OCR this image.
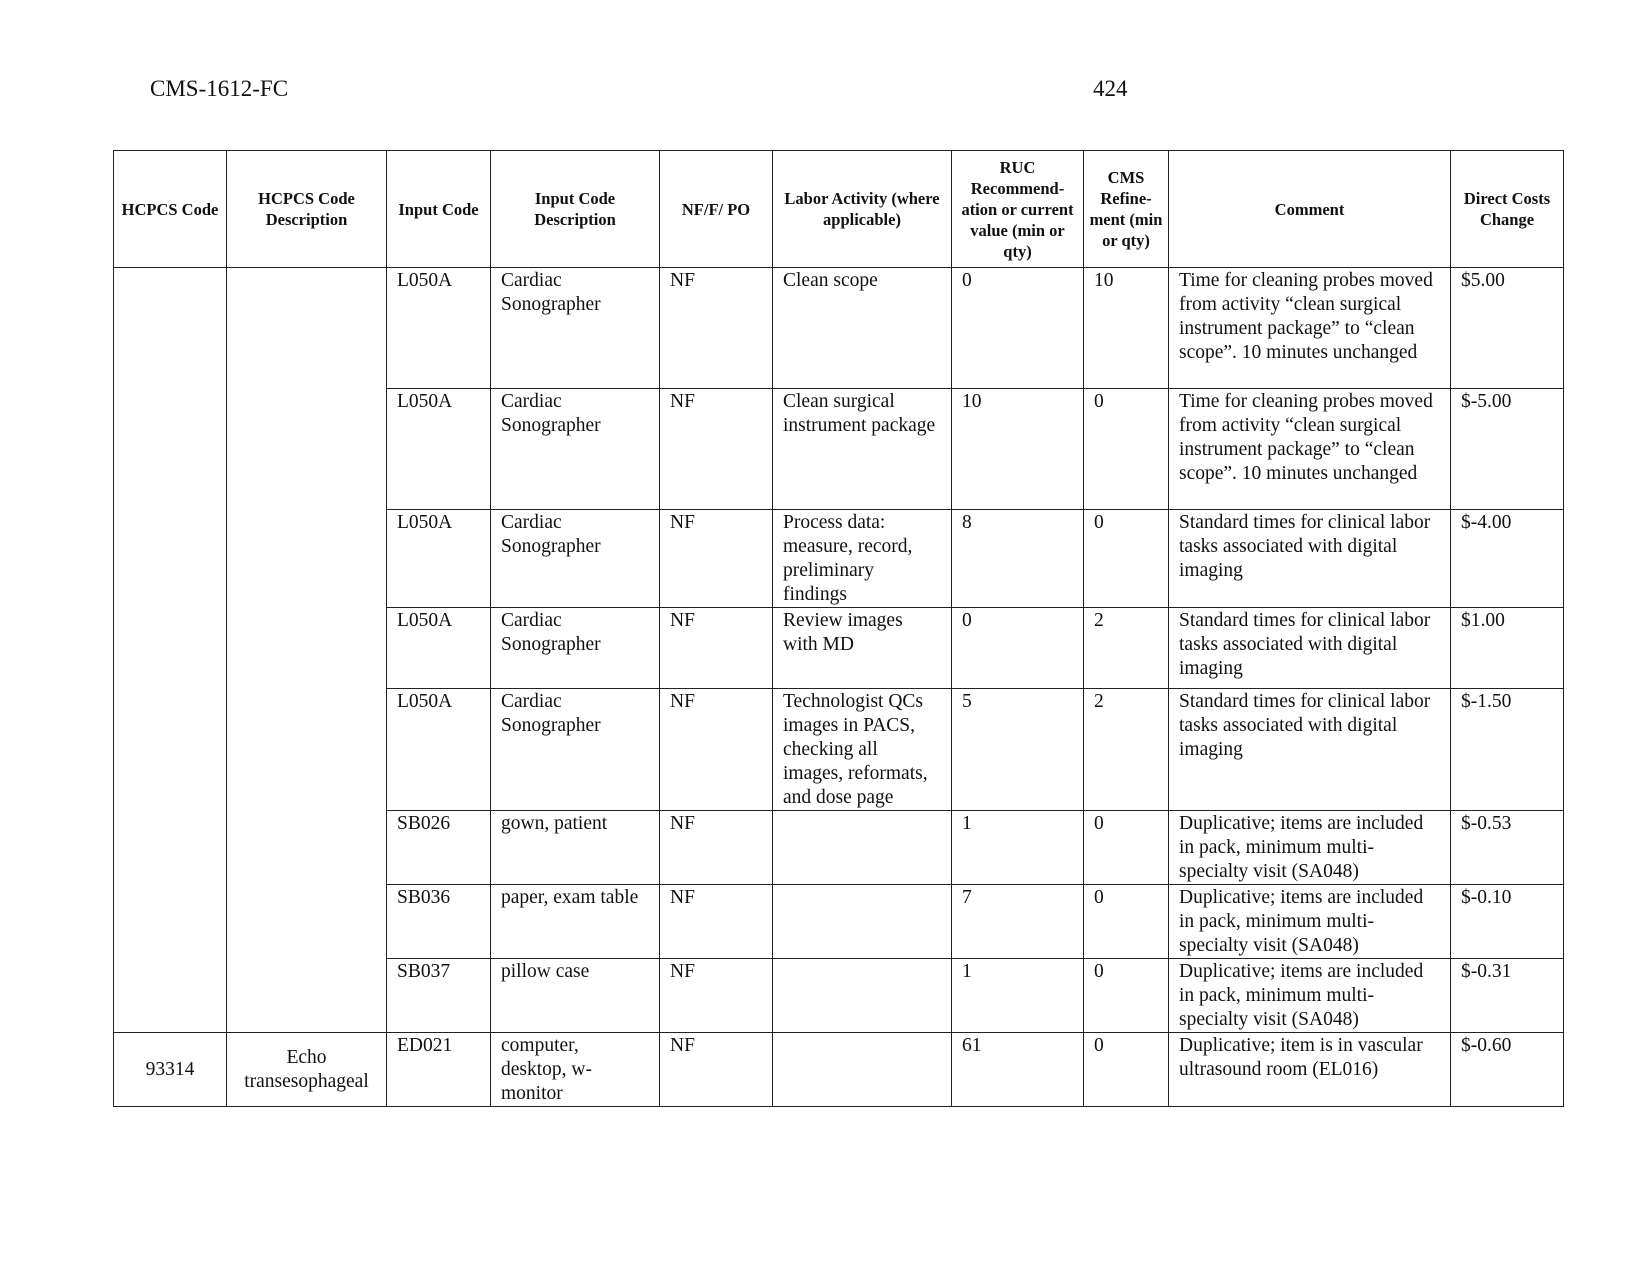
CMS-1612-FC	424
HCPCS Code	HCPCS Code Description	Input Code	Input Code Description	NF/F/ PO	Labor Activity (where applicable)	RUC Recommend-ation or current value (min or qty)	CMS Refine-ment (min or qty)	Comment	Direct Costs Change
		L050A	Cardiac Sonographer	NF	Clean scope	0	10	Time for cleaning probes moved from activity “clean surgical instrument package” to “clean scope”. 10 minutes unchanged	$5.00
		L050A	Cardiac Sonographer	NF	Clean surgical instrument package	10	0	Time for cleaning probes moved from activity “clean surgical instrument package” to “clean scope”. 10 minutes unchanged	$-5.00
		L050A	Cardiac Sonographer	NF	Process data: measure, record, preliminary findings	8	0	Standard times for clinical labor tasks associated with digital imaging	$-4.00
		L050A	Cardiac Sonographer	NF	Review images with MD	0	2	Standard times for clinical labor tasks associated with digital imaging	$1.00
		L050A	Cardiac Sonographer	NF	Technologist QCs images in PACS, checking all images, reformats, and dose page	5	2	Standard times for clinical labor tasks associated with digital imaging	$-1.50
		SB026	gown, patient	NF		1	0	Duplicative; items are included in pack, minimum multi-specialty visit (SA048)	$-0.53
		SB036	paper, exam table	NF		7	0	Duplicative; items are included in pack, minimum multi-specialty visit (SA048)	$-0.10
		SB037	pillow case	NF		1	0	Duplicative; items are included in pack, minimum multi-specialty visit (SA048)	$-0.31
93314	Echo transesophageal	ED021	computer, desktop, w-monitor	NF		61	0	Duplicative; item is in vascular ultrasound room (EL016)	$-0.60
